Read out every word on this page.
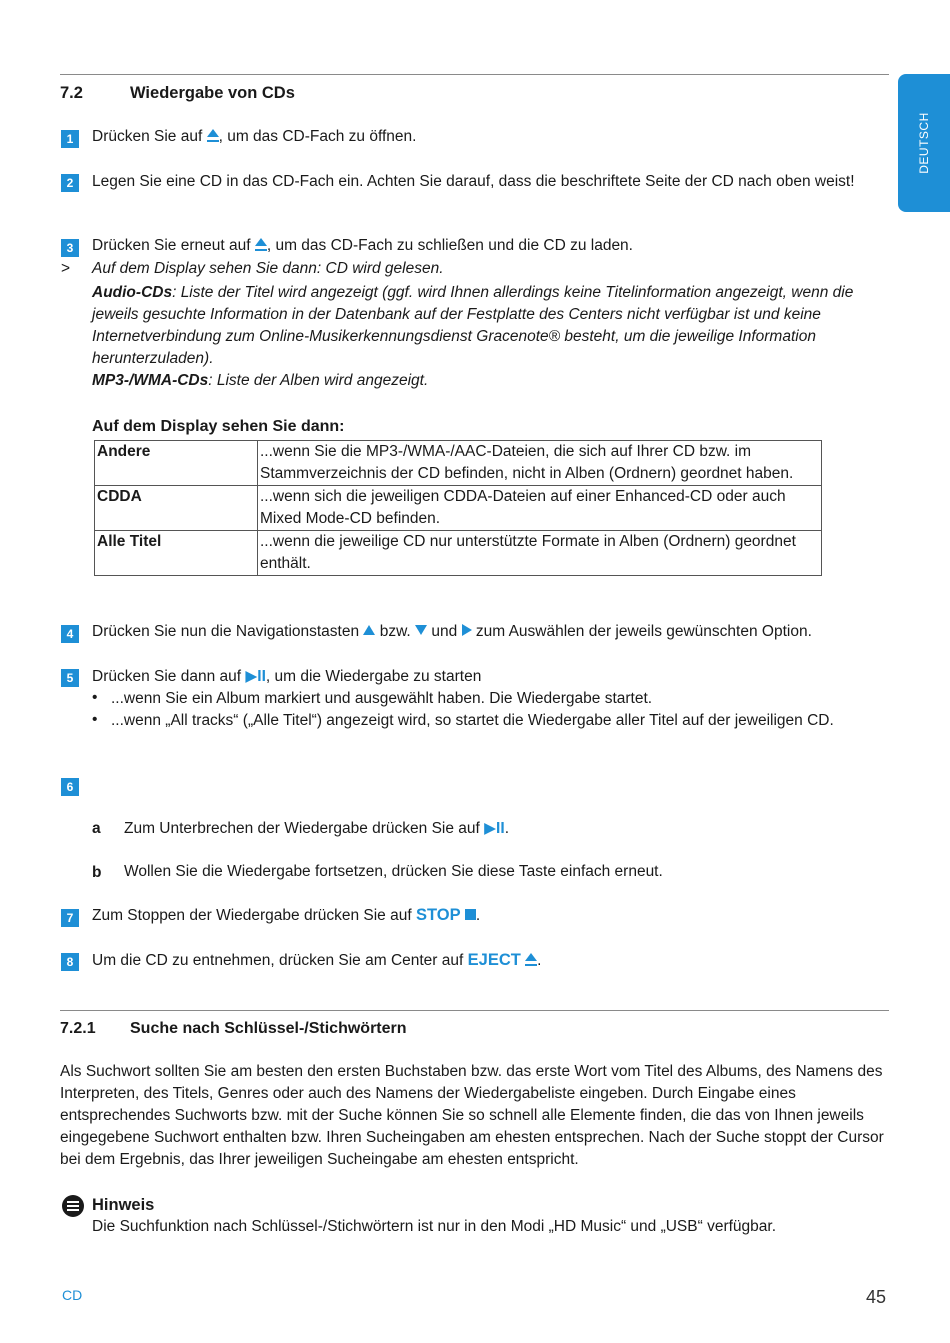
DEUTSCH
7.2	Wiedergabe von CDs
1	Drücken Sie auf , um das CD-Fach zu öffnen.
2	Legen Sie eine CD in das CD-Fach ein. Achten Sie darauf, dass die beschriftete Seite der CD nach oben weist!
3	Drücken Sie erneut auf , um das CD-Fach zu schließen und die CD zu laden.
> Auf dem Display sehen Sie dann: CD wird gelesen.
Audio-CDs: Liste der Titel wird angezeigt (ggf. wird Ihnen allerdings keine Titelinformation angezeigt, wenn die jeweils gesuchte Information in der Datenbank auf der Festplatte des Centers nicht verfügbar ist und keine Internetverbindung zum Online-Musikerkennungsdienst Gracenote® besteht, um die jeweilige Information herunterzuladen).
MP3-/WMA-CDs: Liste der Alben wird angezeigt.
Auf dem Display sehen Sie dann:
Andere	...wenn Sie die MP3-/WMA-/AAC-Dateien, die sich auf Ihrer CD bzw. im Stammverzeichnis der CD befinden, nicht in Alben (Ordnern) geordnet haben.
CDDA	...wenn sich die jeweiligen CDDA-Dateien auf einer Enhanced-CD oder auch Mixed Mode-CD befinden.
Alle Titel	...wenn die jeweilige CD nur unterstützte Formate in Alben (Ordnern) geordnet enthält.
4	Drücken Sie nun die Navigationstasten  bzw.  und  zum Auswählen der jeweils gewünschten Option.
5	Drücken Sie dann auf ▶II, um die Wiedergabe zu starten
• ...wenn Sie ein Album markiert und ausgewählt haben. Die Wiedergabe startet.
• ...wenn „All tracks“ („Alle Titel“) angezeigt wird, so startet die Wiedergabe aller Titel auf der jeweiligen CD.
6
a Zum Unterbrechen der Wiedergabe drücken Sie auf ▶II.
b Wollen Sie die Wiedergabe fortsetzen, drücken Sie diese Taste einfach erneut.
7	Zum Stoppen der Wiedergabe drücken Sie auf STOP .
8	Um die CD zu entnehmen, drücken Sie am Center auf EJECT .
7.2.1 Suche nach Schlüssel-/Stichwörtern
Als Suchwort sollten Sie am besten den ersten Buchstaben bzw. das erste Wort vom Titel des Albums, des Namens des Interpreten, des Titels, Genres oder auch des Namens der Wiedergabeliste eingeben. Durch Eingabe eines entsprechendes Suchworts bzw. mit der Suche können Sie so schnell alle Elemente finden, die das von Ihnen jeweils eingegebene Suchwort enthalten bzw. Ihren Sucheingaben am ehesten entsprechen. Nach der Suche stoppt der Cursor bei dem Ergebnis, das Ihrer jeweiligen Sucheingabe am ehesten entspricht.
Hinweis
Die Suchfunktion nach Schlüssel-/Stichwörtern ist nur in den Modi „HD Music“ und „USB“ verfügbar.
CD	45
